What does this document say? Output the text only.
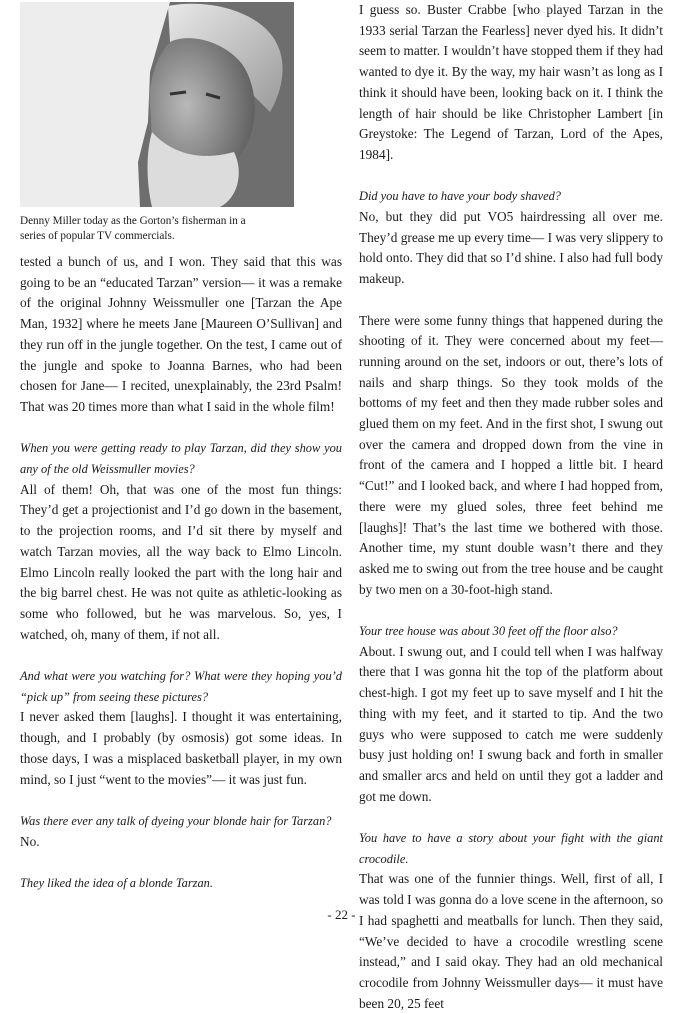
Denny Miller today as the Gorton’s fisherman in a series of popular TV commercials.

tested a bunch of us, and I won. They said that this was going to be an “educated Tarzan” version— it was a remake of the original Johnny Weissmuller one [Tarzan the Ape Man, 1932] where he meets Jane [Maureen O’Sullivan] and they run off in the jungle together. On the test, I came out of the jungle and spoke to Joanna Barnes, who had been chosen for Jane— I recited, unexplainably, the 23rd Psalm! That was 20 times more than what I said in the whole film!

When you were getting ready to play Tarzan, did they show you any of the old Weissmuller movies?

All of them! Oh, that was one of the most fun things: They’d get a projectionist and I’d go down in the basement, to the projection rooms, and I’d sit there by myself and watch Tarzan movies, all the way back to Elmo Lincoln. Elmo Lincoln really looked the part with the long hair and the big barrel chest. He was not quite as athletic-looking as some who followed, but he was marvelous. So, yes, I watched, oh, many of them, if not all.

And what were you watching for? What were they hoping you’d “pick up” from seeing these pictures?

I never asked them [laughs]. I thought it was entertaining, though, and I probably (by osmosis) got some ideas. In those days, I was a misplaced basketball player, in my own mind, so I just “went to the movies”— it was just fun.

Was there ever any talk of dyeing your blonde hair for Tarzan?

No.

They liked the idea of a blonde Tarzan.

I guess so. Buster Crabbe [who played Tarzan in the 1933 serial Tarzan the Fearless] never dyed his. It didn’t seem to matter. I wouldn’t have stopped them if they had wanted to dye it. By the way, my hair wasn’t as long as I think it should have been, looking back on it. I think the length of hair should be like Christopher Lambert [in Greystoke: The Legend of Tarzan, Lord of the Apes, 1984].

Did you have to have your body shaved?

No, but they did put VO5 hairdressing all over me. They’d grease me up every time— I was very slippery to hold onto. They did that so I’d shine. I also had full body makeup.

There were some funny things that happened during the shooting of it. They were concerned about my feet— running around on the set, indoors or out, there’s lots of nails and sharp things. So they took molds of the bottoms of my feet and then they made rubber soles and glued them on my feet. And in the first shot, I swung out over the camera and dropped down from the vine in front of the camera and I hopped a little bit. I heard “Cut!” and I looked back, and where I had hopped from, there were my glued soles, three feet behind me [laughs]! That’s the last time we bothered with those. Another time, my stunt double wasn’t there and they asked me to swing out from the tree house and be caught by two men on a 30-foot-high stand.

Your tree house was about 30 feet off the floor also?

About. I swung out, and I could tell when I was halfway there that I was gonna hit the top of the platform about chest-high. I got my feet up to save myself and I hit the thing with my feet, and it started to tip. And the two guys who were supposed to catch me were suddenly busy just holding on! I swung back and forth in smaller and smaller arcs and held on until they got a ladder and got me down.

You have to have a story about your fight with the giant crocodile.

That was one of the funnier things. Well, first of all, I was told I was gonna do a love scene in the afternoon, so I had spaghetti and meatballs for lunch. Then they said, “We’ve decided to have a crocodile wrestling scene instead,” and I said okay. They had an old mechanical crocodile from Johnny Weissmuller days— it must have been 20, 25 feet

- 22 -
